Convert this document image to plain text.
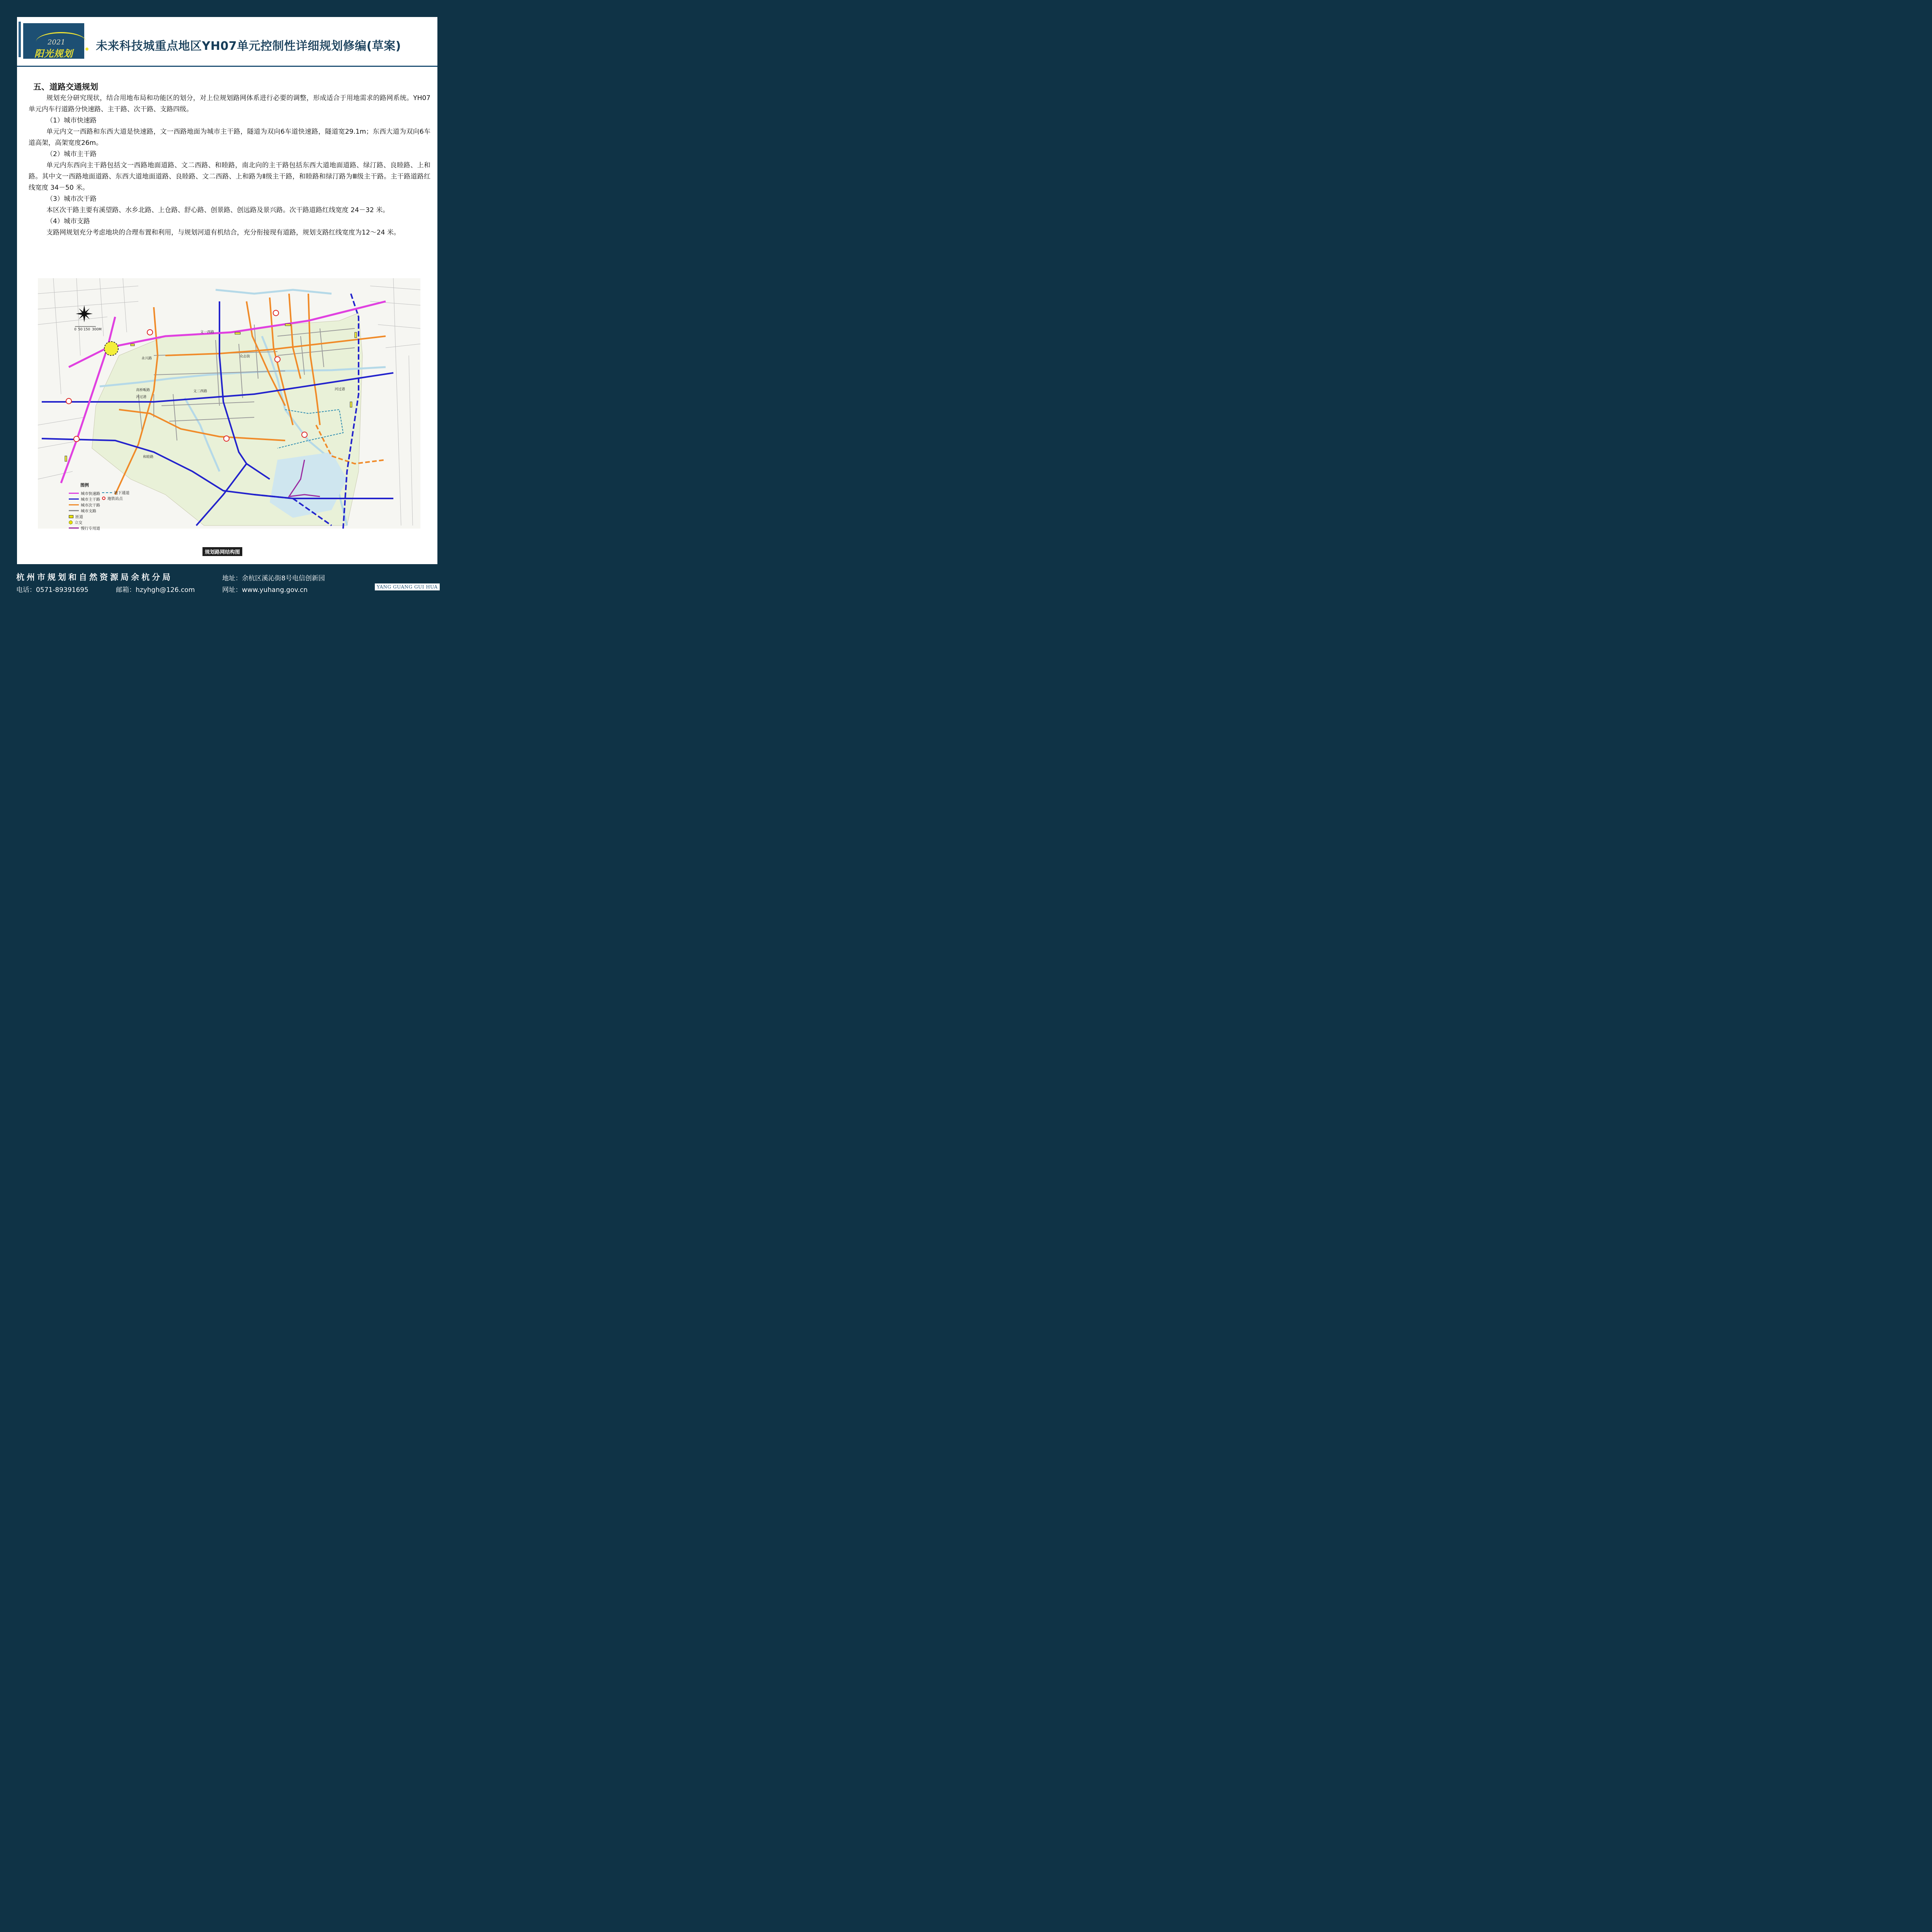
2021
阳光规划
未来科技城重点地区YH07单元控制性详细规划修编(草案)
五、道路交通规划

规划充分研究现状，结合用地布局和功能区的划分，对上位规划路网体系进行必要的调整，形成适合于用地需求的路网系统。YH07单元内车行道路分快速路、主干路、次干路、支路四级。

（1）城市快速路

单元内文一西路和东西大道是快速路，文一西路地面为城市主干路，隧道为双向6车道快速路，隧道宽29.1m；东西大道为双向6车道高架，高架宽度26m。

（2）城市主干路

单元内东西向主干路包括文一西路地面道路、文二西路、和睦路，南北向的主干路包括东西大道地面道路、绿汀路、良睦路、上和路。其中文一西路地面道路、东西大道地面道路、良睦路、文二西路、上和路为Ⅱ级主干路，和睦路和绿汀路为Ⅲ级主干路。主干路道路红线宽度 34－50 米。

（3）城市次干路

本区次干路主要有溪望路、水乡北路、上仓路、舒心路、创景路、创远路及景兴路。次干路道路红线宽度 24－32 米。

（4）城市支路

支路网规划充分考虑地块的合理布置和利用，与规划河道有机结合，充分衔接现有道路，规划支路红线宽度为12～24 米。

0 50 150 300M
文一西路
永兴路
文二西路
高桥畈路
河过港
和睦路
河过港
众志街
图例
城市快速路
城市主干路
城市次干路
城市支路
匝道
立交
慢行专用道
地下通道
地铁站点
规划路网结构图
杭州市规划和自然资源局余杭分局	地址：余杭区溪沁街8号电信创新园
电话：0571-89391695	邮箱：hzyhgh@126.com	网址：www.yuhang.gov.cn	YANG GUANG GUI HUA
